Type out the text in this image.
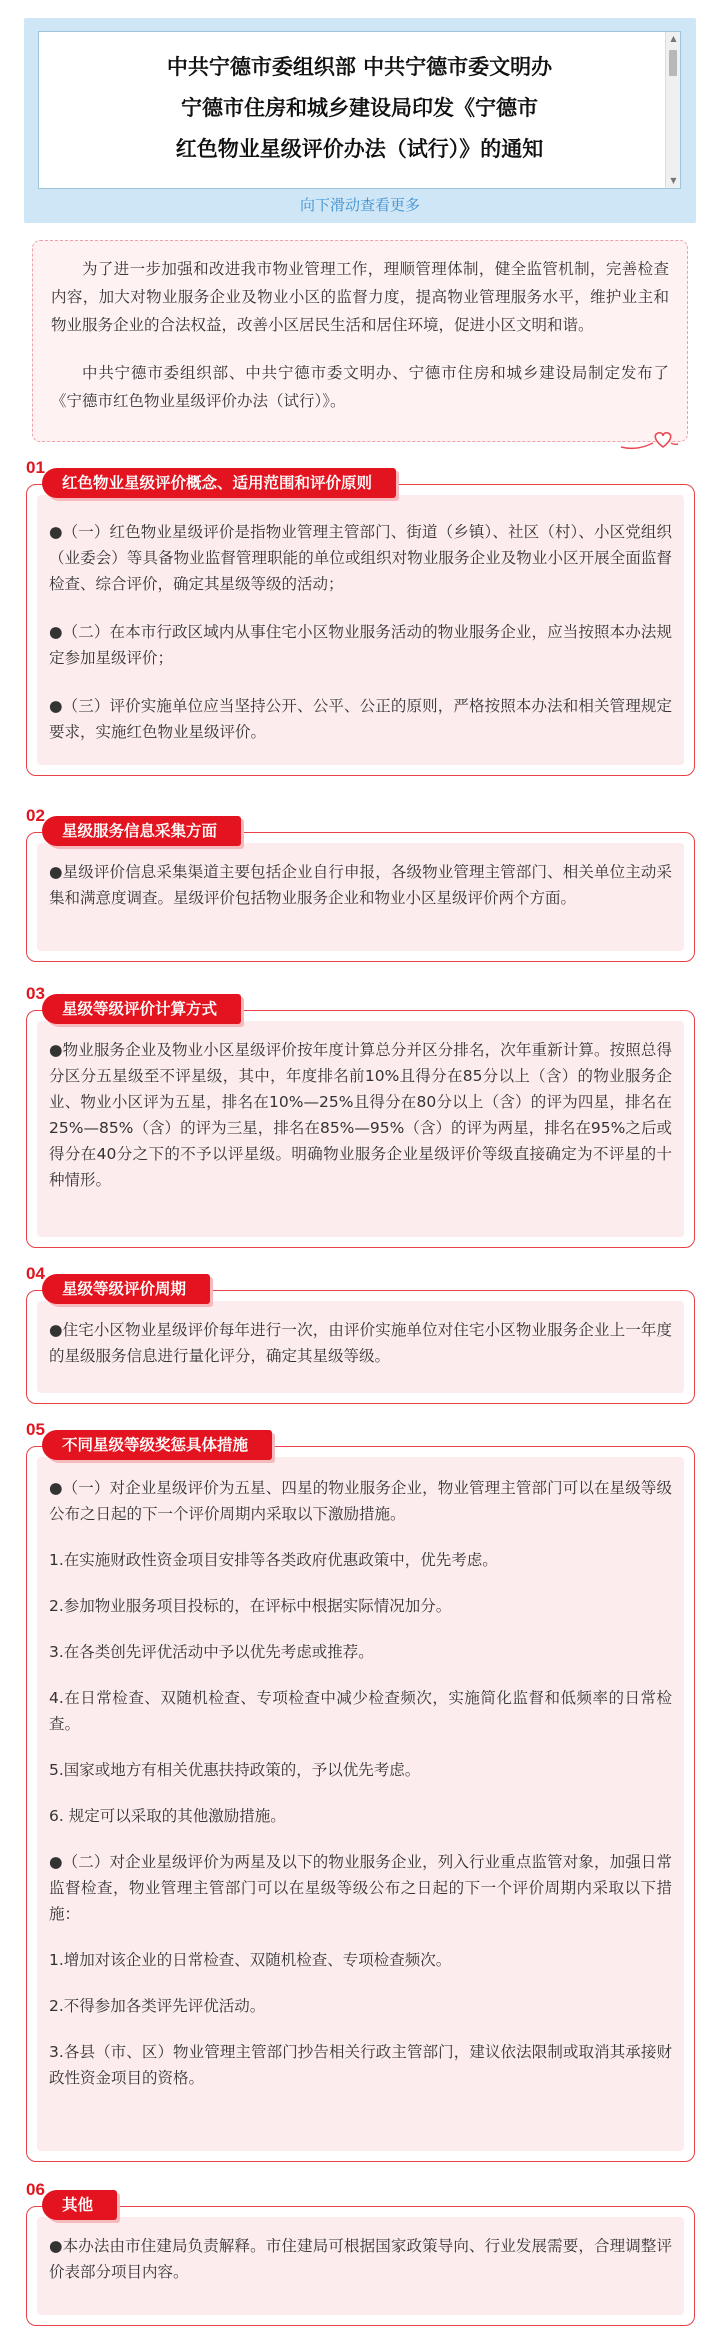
中共宁德市委组织部 中共宁德市委文明办
宁德市住房和城乡建设局印发《宁德市
红色物业星级评价办法（试行）》的通知
▲
▼
向下滑动查看更多

为了进一步加强和改进我市物业管理工作，理顺管理体制，健全监管机制，完善检查内容，加大对物业服务企业及物业小区的监督力度，提高物业管理服务水平，维护业主和物业服务企业的合法权益，改善小区居民生活和居住环境，促进小区文明和谐。

中共宁德市委组织部、中共宁德市委文明办、宁德市住房和城乡建设局制定发布了《宁德市红色物业星级评价办法（试行）》。

●（一）红色物业星级评价是指物业管理主管部门、街道（乡镇）、社区（村）、小区党组织（业委会）等具备物业监督管理职能的单位或组织对物业服务企业及物业小区开展全面监督检查、综合评价，确定其星级等级的活动；

●（二）在本市行政区域内从事住宅小区物业服务活动的物业服务企业，应当按照本办法规定参加星级评价；

●（三）评价实施单位应当坚持公开、公平、公正的原则，严格按照本办法和相关管理规定要求，实施红色物业星级评价。

01
红色物业星级评价概念、适用范围和评价原则

●星级评价信息采集渠道主要包括企业自行申报，各级物业管理主管部门、相关单位主动采集和满意度调查。星级评价包括物业服务企业和物业小区星级评价两个方面。

02
星级服务信息采集方面

●物业服务企业及物业小区星级评价按年度计算总分并区分排名，次年重新计算。按照总得分区分五星级至不评星级，其中，年度排名前10%且得分在85分以上（含）的物业服务企业、物业小区评为五星，排名在10%—25%且得分在80分以上（含）的评为四星，排名在25%—85%（含）的评为三星，排名在85%—95%（含）的评为两星，排名在95%之后或得分在40分之下的不予以评星级。明确物业服务企业星级评价等级直接确定为不评星的十种情形。

03
星级等级评价计算方式

●住宅小区物业星级评价每年进行一次，由评价实施单位对住宅小区物业服务企业上一年度的星级服务信息进行量化评分，确定其星级等级。

04
星级等级评价周期

●（一）对企业星级评价为五星、四星的物业服务企业，物业管理主管部门可以在星级等级公布之日起的下一个评价周期内采取以下激励措施。

1.在实施财政性资金项目安排等各类政府优惠政策中，优先考虑。

2.参加物业服务项目投标的，在评标中根据实际情况加分。

3.在各类创先评优活动中予以优先考虑或推荐。

4.在日常检查、双随机检查、专项检查中减少检查频次，实施简化监督和低频率的日常检查。

5.国家或地方有相关优惠扶持政策的，予以优先考虑。

6. 规定可以采取的其他激励措施。

●（二）对企业星级评价为两星及以下的物业服务企业，列入行业重点监管对象，加强日常监督检查，物业管理主管部门可以在星级等级公布之日起的下一个评价周期内采取以下措施：

1.增加对该企业的日常检查、双随机检查、专项检查频次。

2.不得参加各类评先评优活动。

3.各县（市、区）物业管理主管部门抄告相关行政主管部门，建议依法限制或取消其承接财政性资金项目的资格。

05
不同星级等级奖惩具体措施

●本办法由市住建局负责解释。市住建局可根据国家政策导向、行业发展需要，合理调整评价表部分项目内容。

06
其他
